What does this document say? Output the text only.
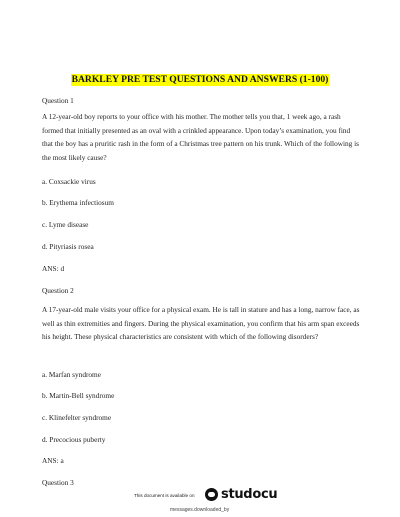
BARKLEY PRE TEST QUESTIONS AND ANSWERS (1-100)
Question 1
A 12-year-old boy reports to your office with his mother. The mother tells you that, 1 week ago, a rash formed that initially presented as an oval with a crinkled appearance. Upon today’s examination, you find that the boy has a pruritic rash in the form of a Christmas tree pattern on his trunk. Which of the following is the most likely cause?
a. Coxsackie virus
b. Erythema infectiosum
c. Lyme disease
d. Pityriasis rosea
ANS: d
Question 2
A 17-year-old male visits your office for a physical exam. He is tall in stature and has a long, narrow face, as well as thin extremities and fingers. During the physical examination, you confirm that his arm span exceeds his height. These physical characteristics are consistent with which of the following disorders?
a. Marfan syndrome
b. Martin-Bell syndrome
c. Klinefelter syndrome
d. Precocious puberty
ANS: a
Question 3
This document is available on studocu
messages.downloaded_by
